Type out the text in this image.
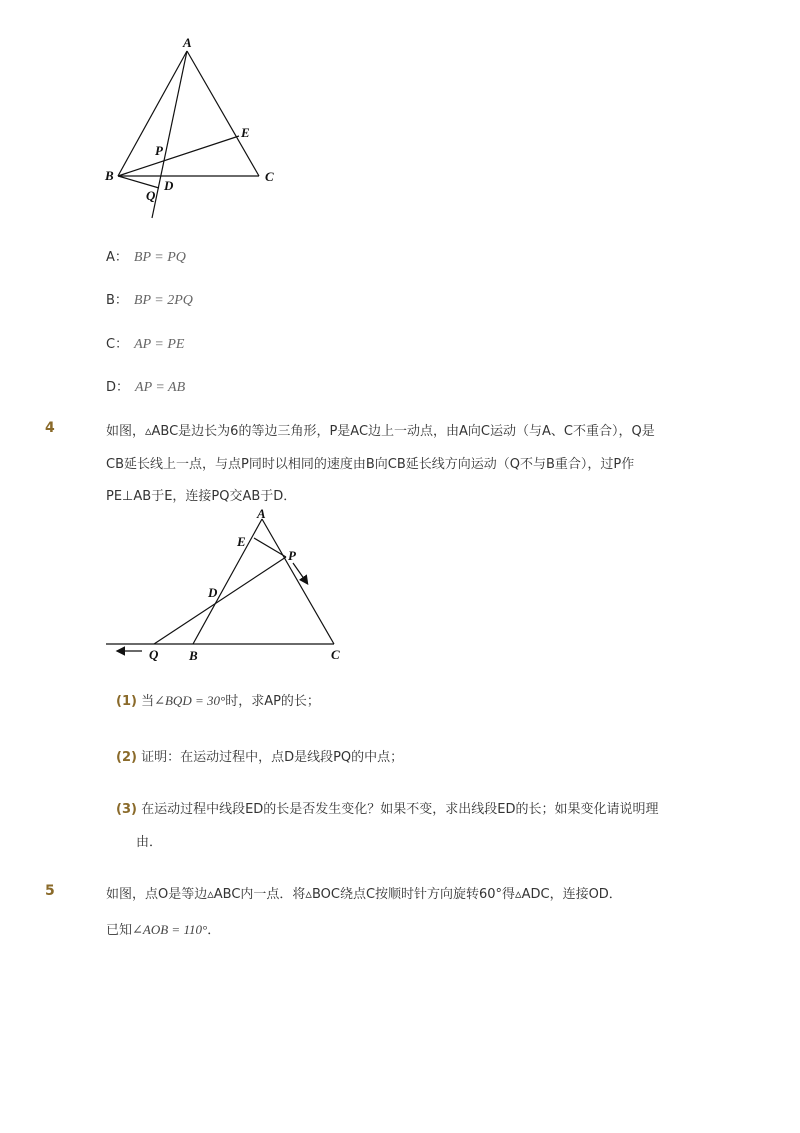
A
B	C
D
E
P
Q
A： BP = PQ
B： BP = 2PQ
C： AP = PE
D： AP = AB
4	如图，▵ABC是边长为6的等边三角形，P是AC边上一动点，由A向C运动（与A、C不重合），Q是
CB延长线上一点，与点P同时以相同的速度由B向CB延长线方向运动（Q不与B重合），过P作
PE⊥AB于E，连接PQ交AB于D．
A
E
P
D
Q B	C
(1) 当∠BQD = 30°时，求AP的长；
(2) 证明：在运动过程中，点D是线段PQ的中点；
(3) 在运动过程中线段ED的长是否发生变化？如果不变，求出线段ED的长；如果变化请说明理
由．
5	如图，点O是等边▵ABC内一点．将▵BOC绕点C按顺时针方向旋转60°得▵ADC，连接OD．
已知∠AOB = 110°．
